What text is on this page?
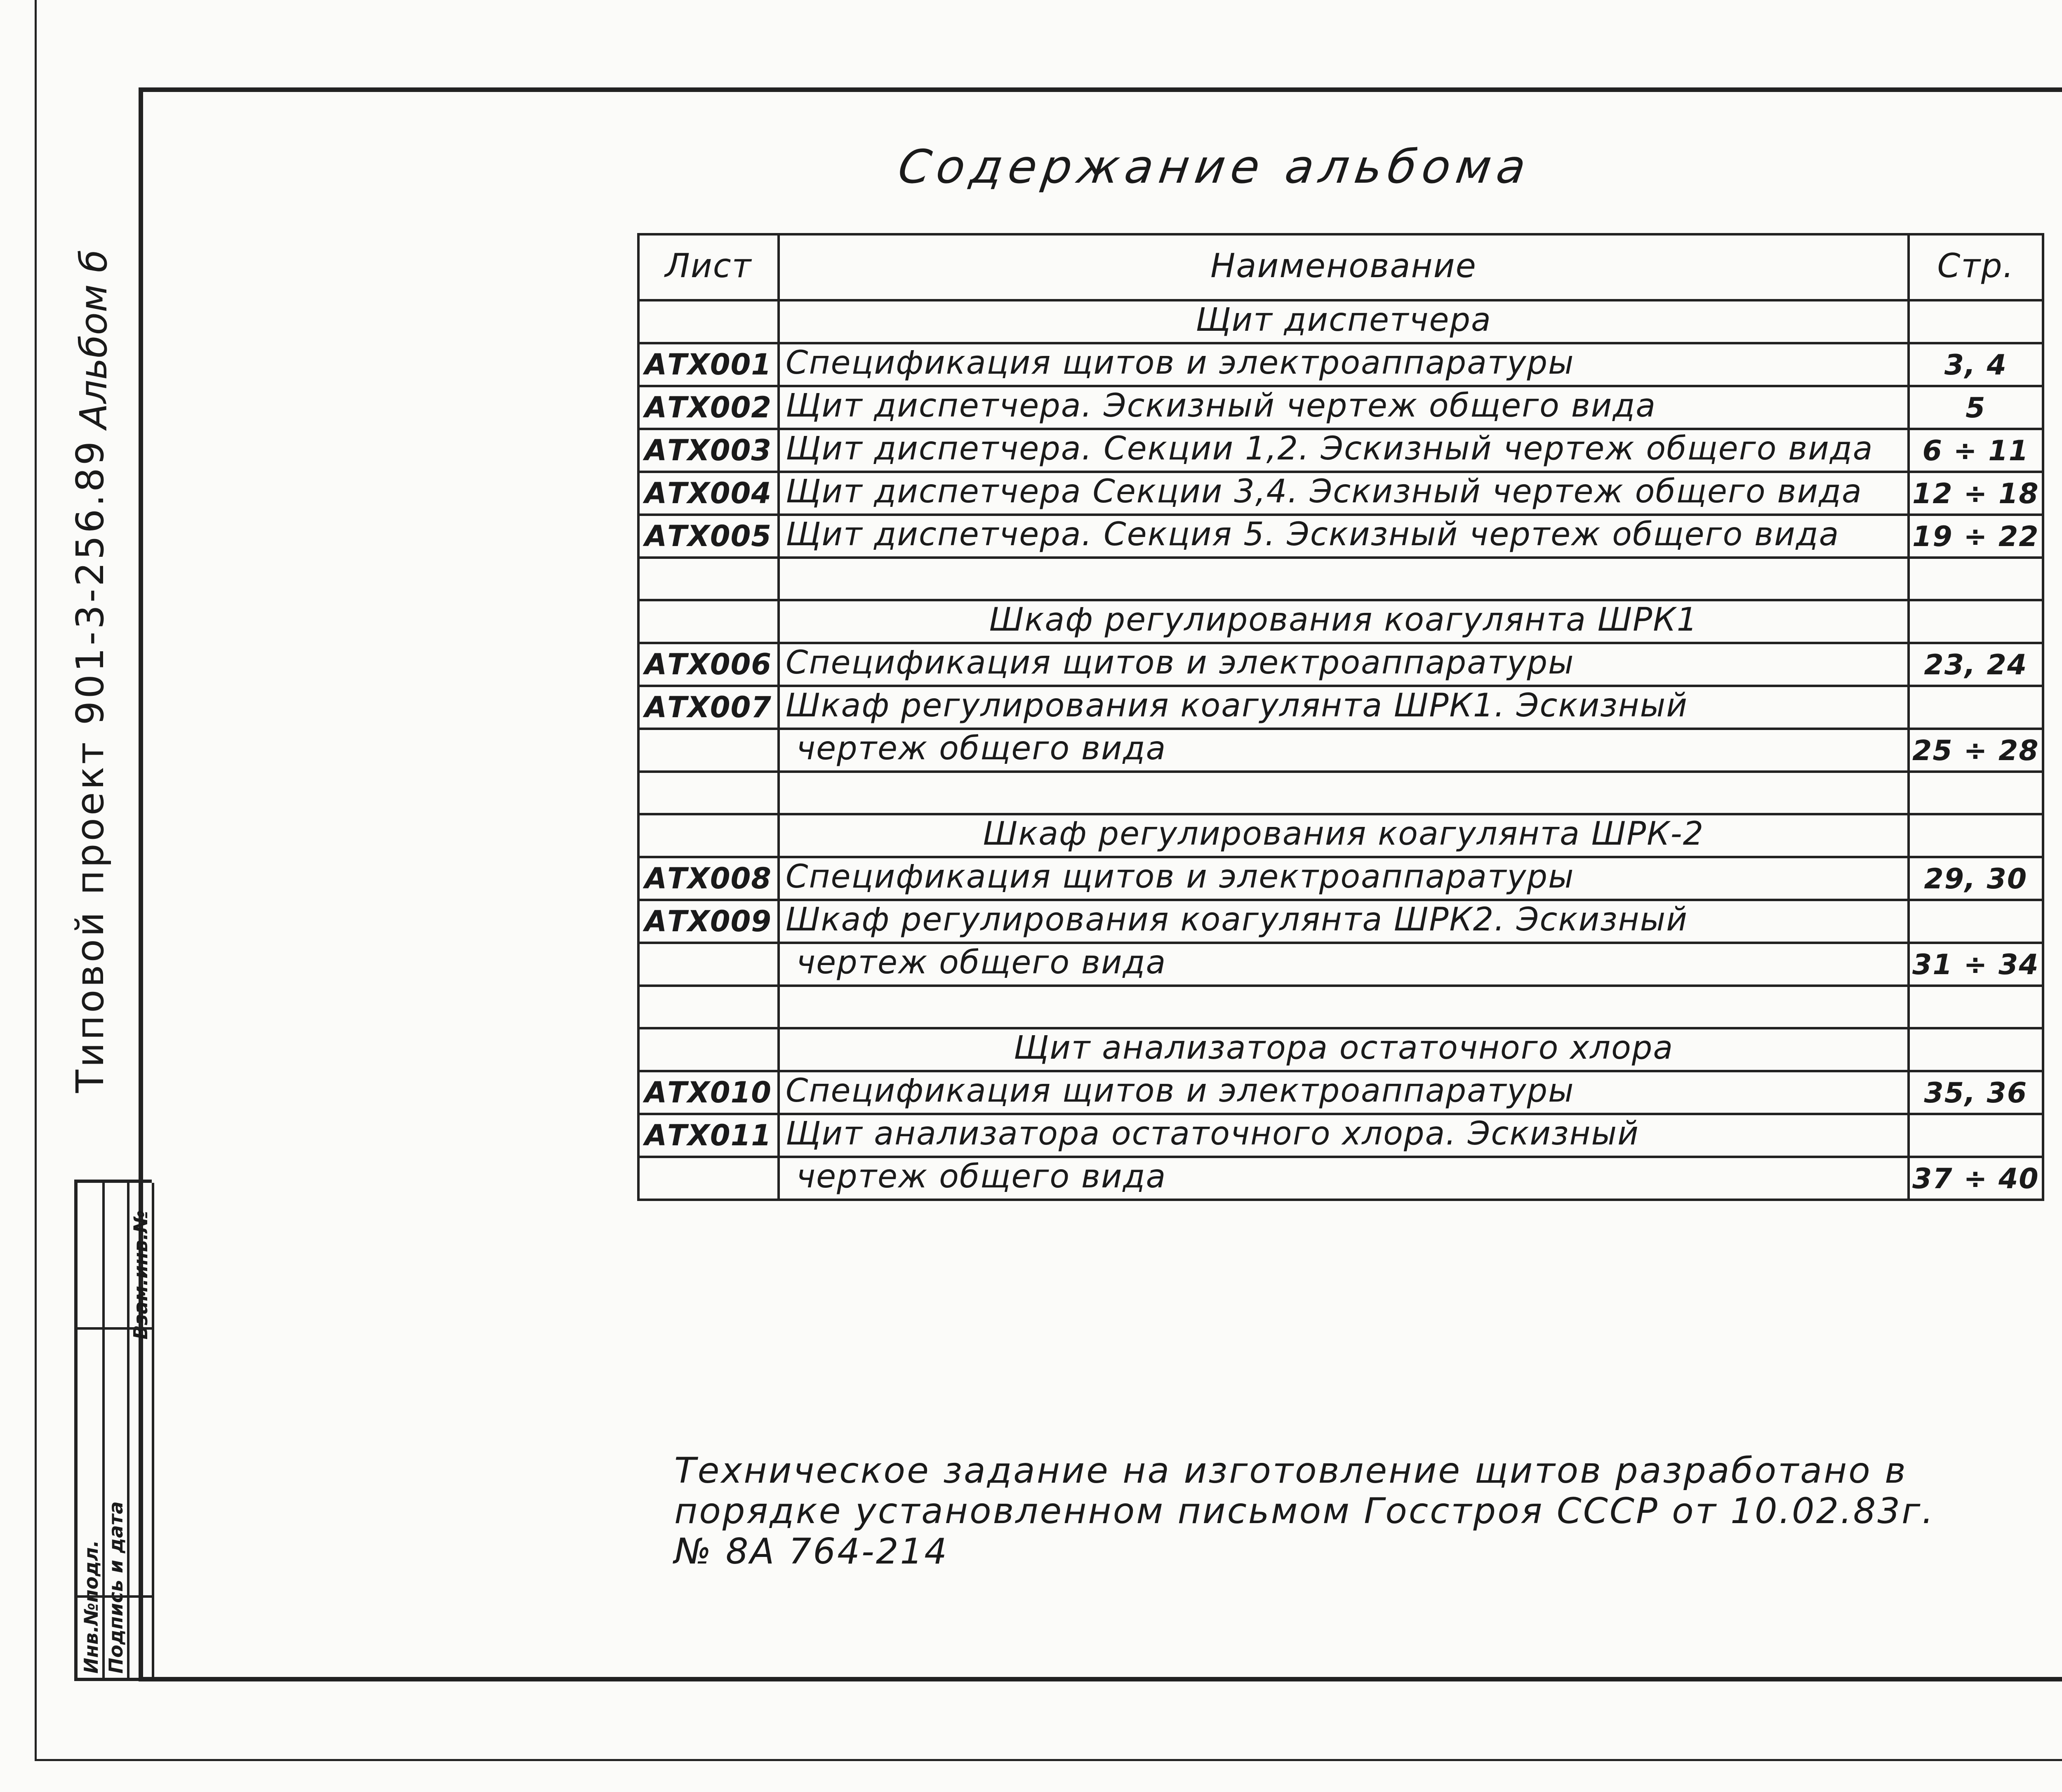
Альбом б
Типовой проект 901-3-256.89
Инв.№подл. Подпись и дата
Взам.инв.№
Содержание альбома
Лист	Наименование	Стр.
	Щит диспетчера	
АТХ001	Спецификация щитов и электроаппаратуры	3, 4
АТХ002	Щит диспетчера. Эскизный чертеж общего вида	5
АТХ003	Щит диспетчера. Секции 1,2. Эскизный чертеж общего вида	6 ÷ 11
АТХ004	Щит диспетчера Секции 3,4. Эскизный чертеж общего вида	12 ÷ 18
АТХ005	Щит диспетчера. Секция 5. Эскизный чертеж общего вида	19 ÷ 22

	Шкаф регулирования коагулянта ШРК1	
АТХ006	Спецификация щитов и электроаппаратуры	23, 24
АТХ007	Шкаф регулирования коагулянта ШРК1. Эскизный	
	чертеж общего вида	25 ÷ 28

	Шкаф регулирования коагулянта ШРК-2	
АТХ008	Спецификация щитов и электроаппаратуры	29, 30
АТХ009	Шкаф регулирования коагулянта ШРК2. Эскизный	
	чертеж общего вида	31 ÷ 34

	Щит анализатора остаточного хлора	
АТХ010	Спецификация щитов и электроаппаратуры	35, 36
АТХ011	Щит анализатора остаточного хлора. Эскизный	
	чертеж общего вида	37 ÷ 40
Техническое задание на изготовление щитов разработано в
порядке установленном письмом Госстроя СССР от 10.02.83г.
№ 8А 764-214
